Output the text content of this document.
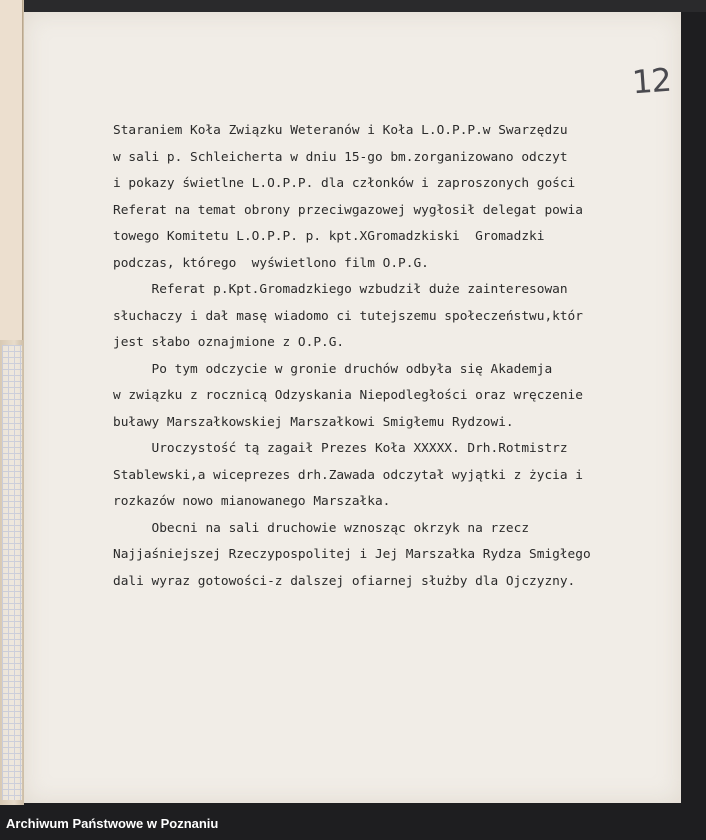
12
Staraniem Koła Związku Weteranów i Koła L.O.P.P.w Swarzędzu
w sali p. Schleicherta w dniu 15-go bm.zorganizowano odczyt
i pokazy świetlne L.O.P.P. dla członków i zaproszonych gości
Referat na temat obrony przeciwgazowej wygłosił delegat powia
towego Komitetu L.O.P.P. p. kpt.XGromadzkiski  Gromadzki
podczas, którego  wyświetlono film O.P.G.
Referat p.Kpt.Gromadzkiego wzbudził duże zainteresowan
słuchaczy i dał masę wiadomo ci tutejszemu społeczeństwu,któr
jest słabo oznajmione z O.P.G.
Po tym odczycie w gronie druchów odbyła się Akademja
w związku z rocznicą Odzyskania Niepodległości oraz wręczenie
buławy Marszałkowskiej Marszałkowi Smigłemu Rydzowi.
Uroczystość tą zagaił Prezes Koła XXXXX. Drh.Rotmistrz
Stablewski,a wiceprezes drh.Zawada odczytał wyjątki z życia i
rozkazów nowo mianowanego Marszałka.
Obecni na sali druchowie wznosząc okrzyk na rzecz
Najjaśniejszej Rzeczypospolitej i Jej Marszałka Rydza Smigłego
dali wyraz gotowości-z dalszej ofiarnej służby dla Ojczyzny.
Archiwum Państwowe w Poznaniu
